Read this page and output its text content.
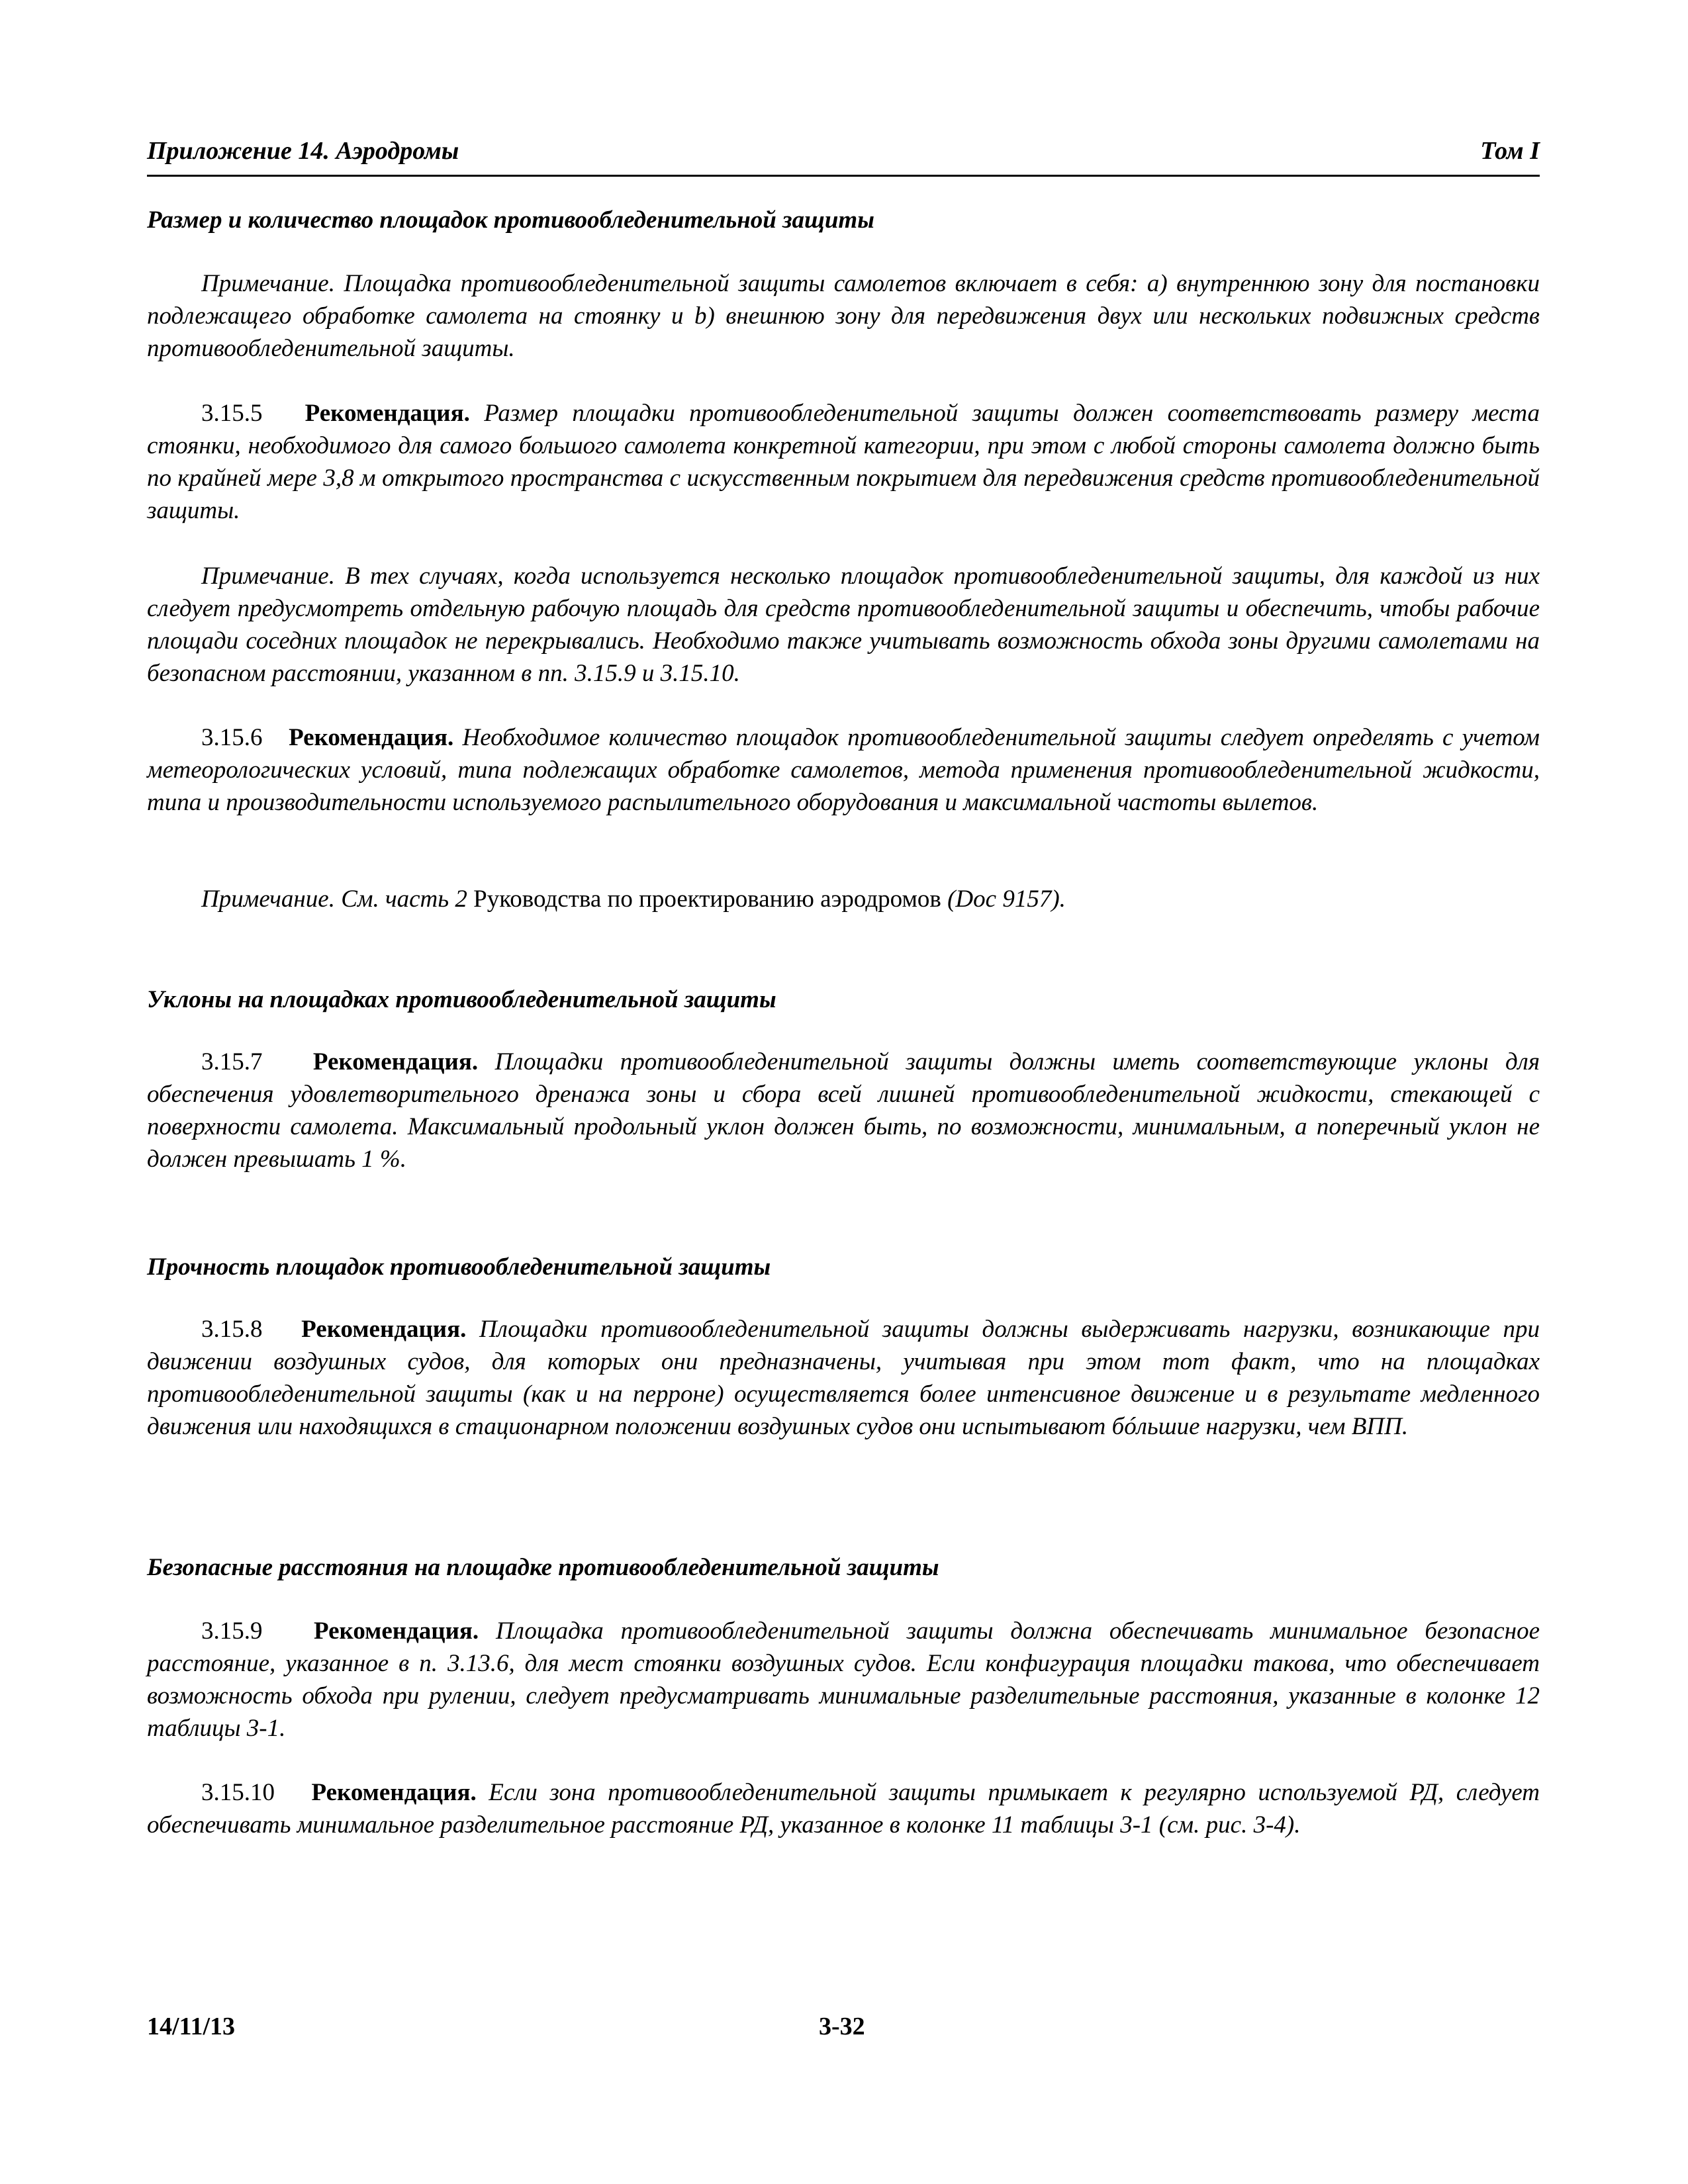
Приложение 14. Аэродромы	Том I
Размер и количество площадок противообледенительной защиты
Примечание. Площадка противообледенительной защиты самолетов включает в себя: a) внутреннюю зону для постановки подлежащего обработке самолета на стоянку и b) внешнюю зону для передвижения двух или нескольких подвижных средств противообледенительной защиты.
3.15.5 Рекомендация. Размер площадки противообледенительной защиты должен соответствовать размеру места стоянки, необходимого для самого большого самолета конкретной категории, при этом с любой стороны самолета должно быть по крайней мере 3,8 м открытого пространства с искусственным покрытием для передвижения средств противообледенительной защиты.
Примечание. В тех случаях, когда используется несколько площадок противообледенительной защиты, для каждой из них следует предусмотреть отдельную рабочую площадь для средств противообледенительной защиты и обеспечить, чтобы рабочие площади соседних площадок не перекрывались. Необходимо также учитывать возможность обхода зоны другими самолетами на безопасном расстоянии, указанном в пп. 3.15.9 и 3.15.10.
3.15.6 Рекомендация. Необходимое количество площадок противообледенительной защиты следует определять с учетом метеорологических условий, типа подлежащих обработке самолетов, метода применения противообледенительной жидкости, типа и производительности используемого распылительного оборудования и максимальной частоты вылетов.
Примечание. См. часть 2 Руководства по проектированию аэродромов (Doc 9157).
Уклоны на площадках противообледенительной защиты
3.15.7 Рекомендация. Площадки противообледенительной защиты должны иметь соответствующие уклоны для обеспечения удовлетворительного дренажа зоны и сбора всей лишней противообледенительной жидкости, стекающей с поверхности самолета. Максимальный продольный уклон должен быть, по возможности, минимальным, а поперечный уклон не должен превышать 1 %.
Прочность площадок противообледенительной защиты
3.15.8 Рекомендация. Площадки противообледенительной защиты должны выдерживать нагрузки, возникающие при движении воздушных судов, для которых они предназначены, учитывая при этом тот факт, что на площадках противообледенительной защиты (как и на перроне) осуществляется более интенсивное движение и в результате медленного движения или находящихся в стационарном положении воздушных судов они испытывают бóльшие нагрузки, чем ВПП.
Безопасные расстояния на площадке противообледенительной защиты
3.15.9 Рекомендация. Площадка противообледенительной защиты должна обеспечивать минимальное безопасное расстояние, указанное в п. 3.13.6, для мест стоянки воздушных судов. Если конфигурация площадки такова, что обеспечивает возможность обхода при рулении, следует предусматривать минимальные разделительные расстояния, указанные в колонке 12 таблицы 3-1.
3.15.10 Рекомендация. Если зона противообледенительной защиты примыкает к регулярно используемой РД, следует обеспечивать минимальное разделительное расстояние РД, указанное в колонке 11 таблицы 3-1 (см. рис. 3-4).
14/11/13	3-32
